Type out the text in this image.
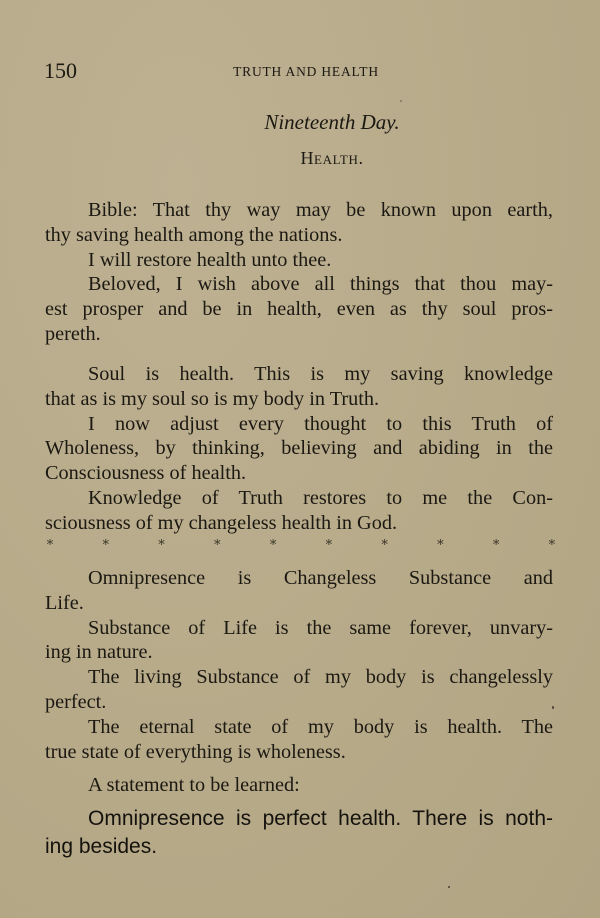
150	TRUTH AND HEALTH
Nineteenth Day.
Health.
Bible: That thy way may be known upon earth,
thy saving health among the nations.
I will restore health unto thee.
Beloved, I wish above all things that thou may-
est prosper and be in health, even as thy soul pros-
pereth.
Soul is health. This is my saving knowledge
that as is my soul so is my body in Truth.
I now adjust every thought to this Truth of
Wholeness, by thinking, believing and abiding in the
Consciousness of health.
Knowledge of Truth restores to me the Con-
sciousness of my changeless health in God.
*	*	*	*	*	*	*	*	*	*
Omnipresence is Changeless Substance and
Life.
Substance of Life is the same forever, unvary-
ing in nature.
The living Substance of my body is changelessly
perfect.
The eternal state of my body is health. The
true state of everything is wholeness.
A statement to be learned:
Omnipresence is perfect health. There is noth-
ing besides.
